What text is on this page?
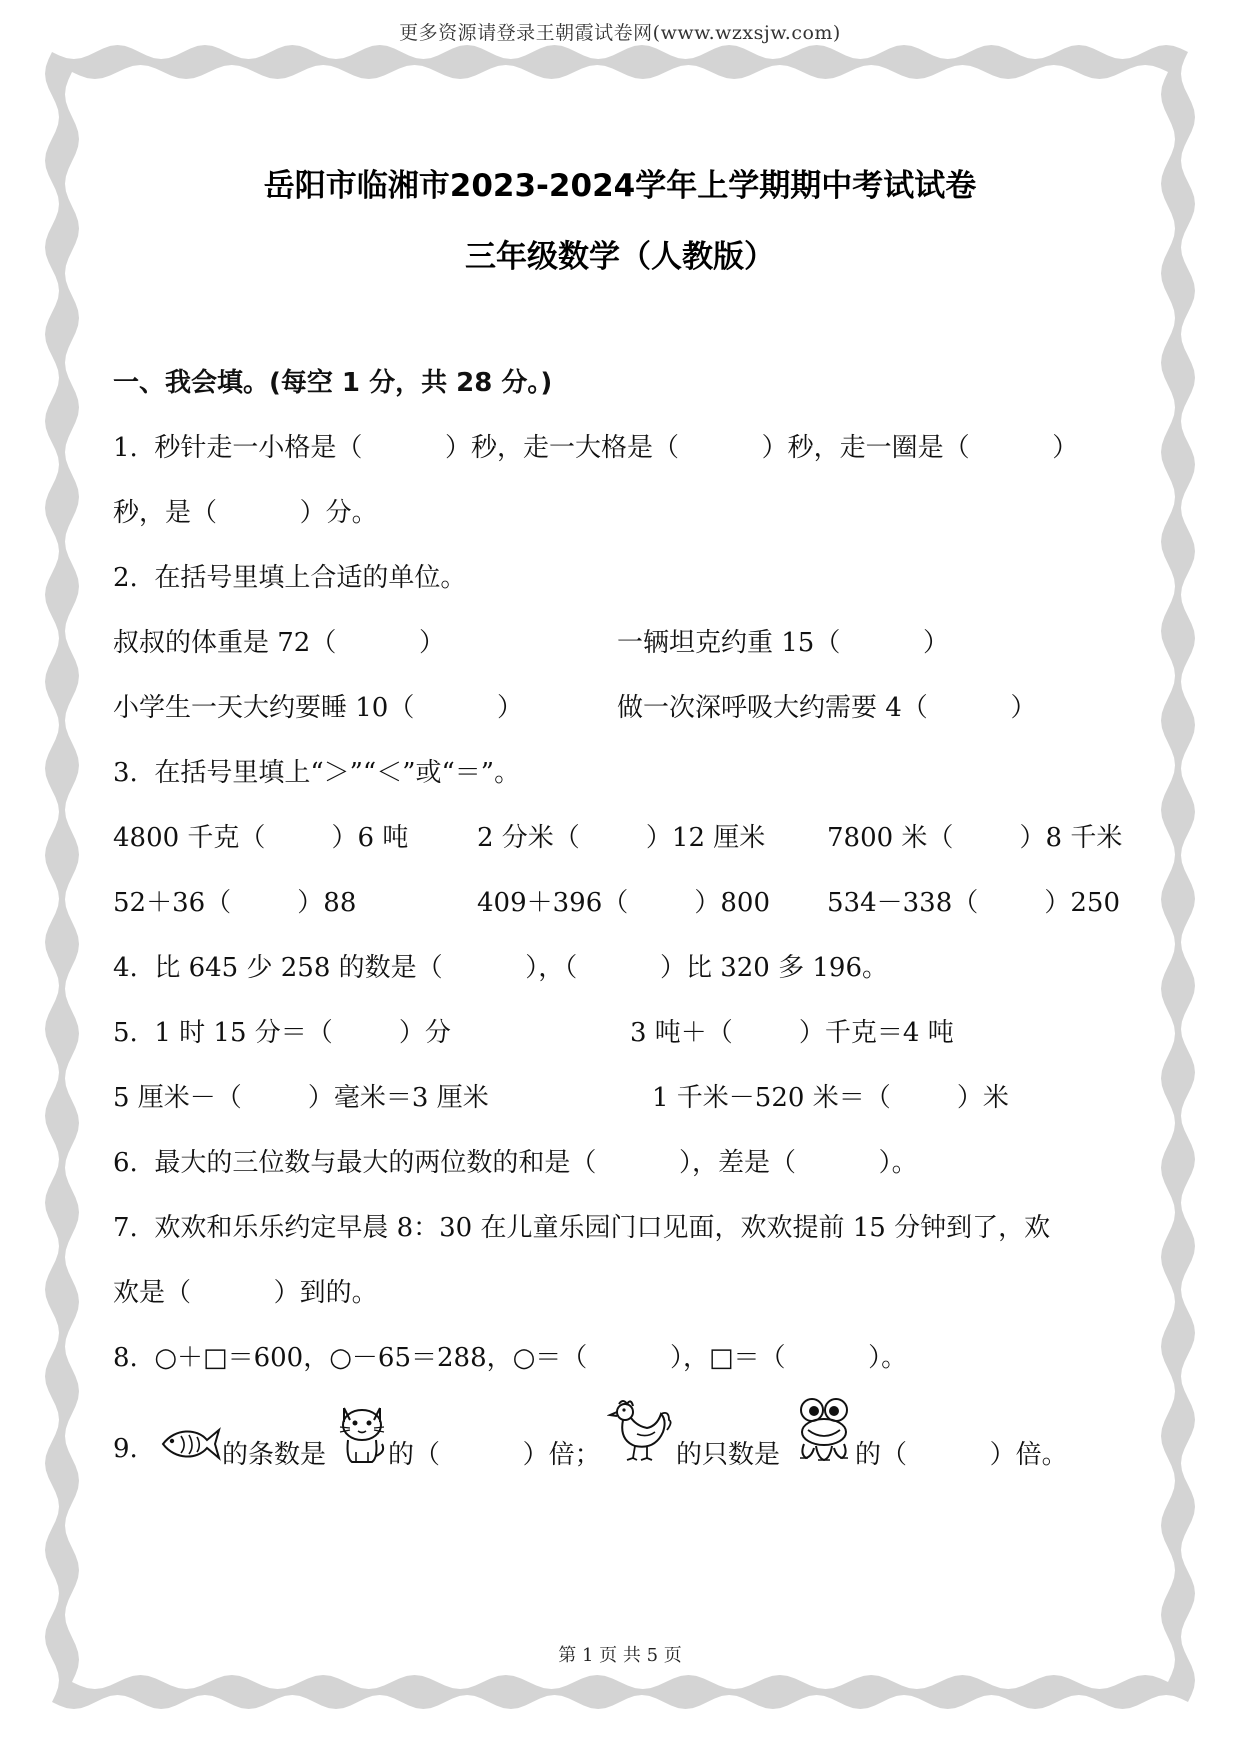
更多资源请登录王朝霞试卷网(www.wzxsjw.com)
岳阳市临湘市2023-2024学年上学期期中考试试卷
三年级数学（人教版）
一、我会填。(每空 1 分，共 28 分。)
1.  秒针走一小格是（          ）秒，走一大格是（          ）秒，走一圈是（          ）
秒，是（          ）分。
2.  在括号里填上合适的单位。
叔叔的体重是 72（          ）	一辆坦克约重 15（          ）
小学生一天大约要睡 10（          ）	做一次深呼吸大约需要 4（          ）
3.  在括号里填上“＞”“＜”或“＝”。
4800 千克（        ）6 吨	2 分米（        ）12 厘米 7800 米（        ）8 千米
52＋36（        ）88	409＋396（        ）800 534－338（        ）250
4.  比 645 少 258 的数是（          ），（          ）比 320 多 196。
5.  1 时 15 分＝（        ）分	3 吨＋（        ）千克＝4 吨
5 厘米－（        ）毫米＝3 厘米	1 千米－520 米＝（        ）米
6.  最大的三位数与最大的两位数的和是（          ），差是（          ）。
7.  欢欢和乐乐约定早晨 8：30 在儿童乐园门口见面，欢欢提前 15 分钟到了，欢
欢是（          ）到的。
8.  ○＋□＝600，○－65＝288，○＝（          ），□＝（          ）。
9.	的条数是 的（          ）倍；	的只数是	的（          ）倍。
第 1 页 共 5 页
